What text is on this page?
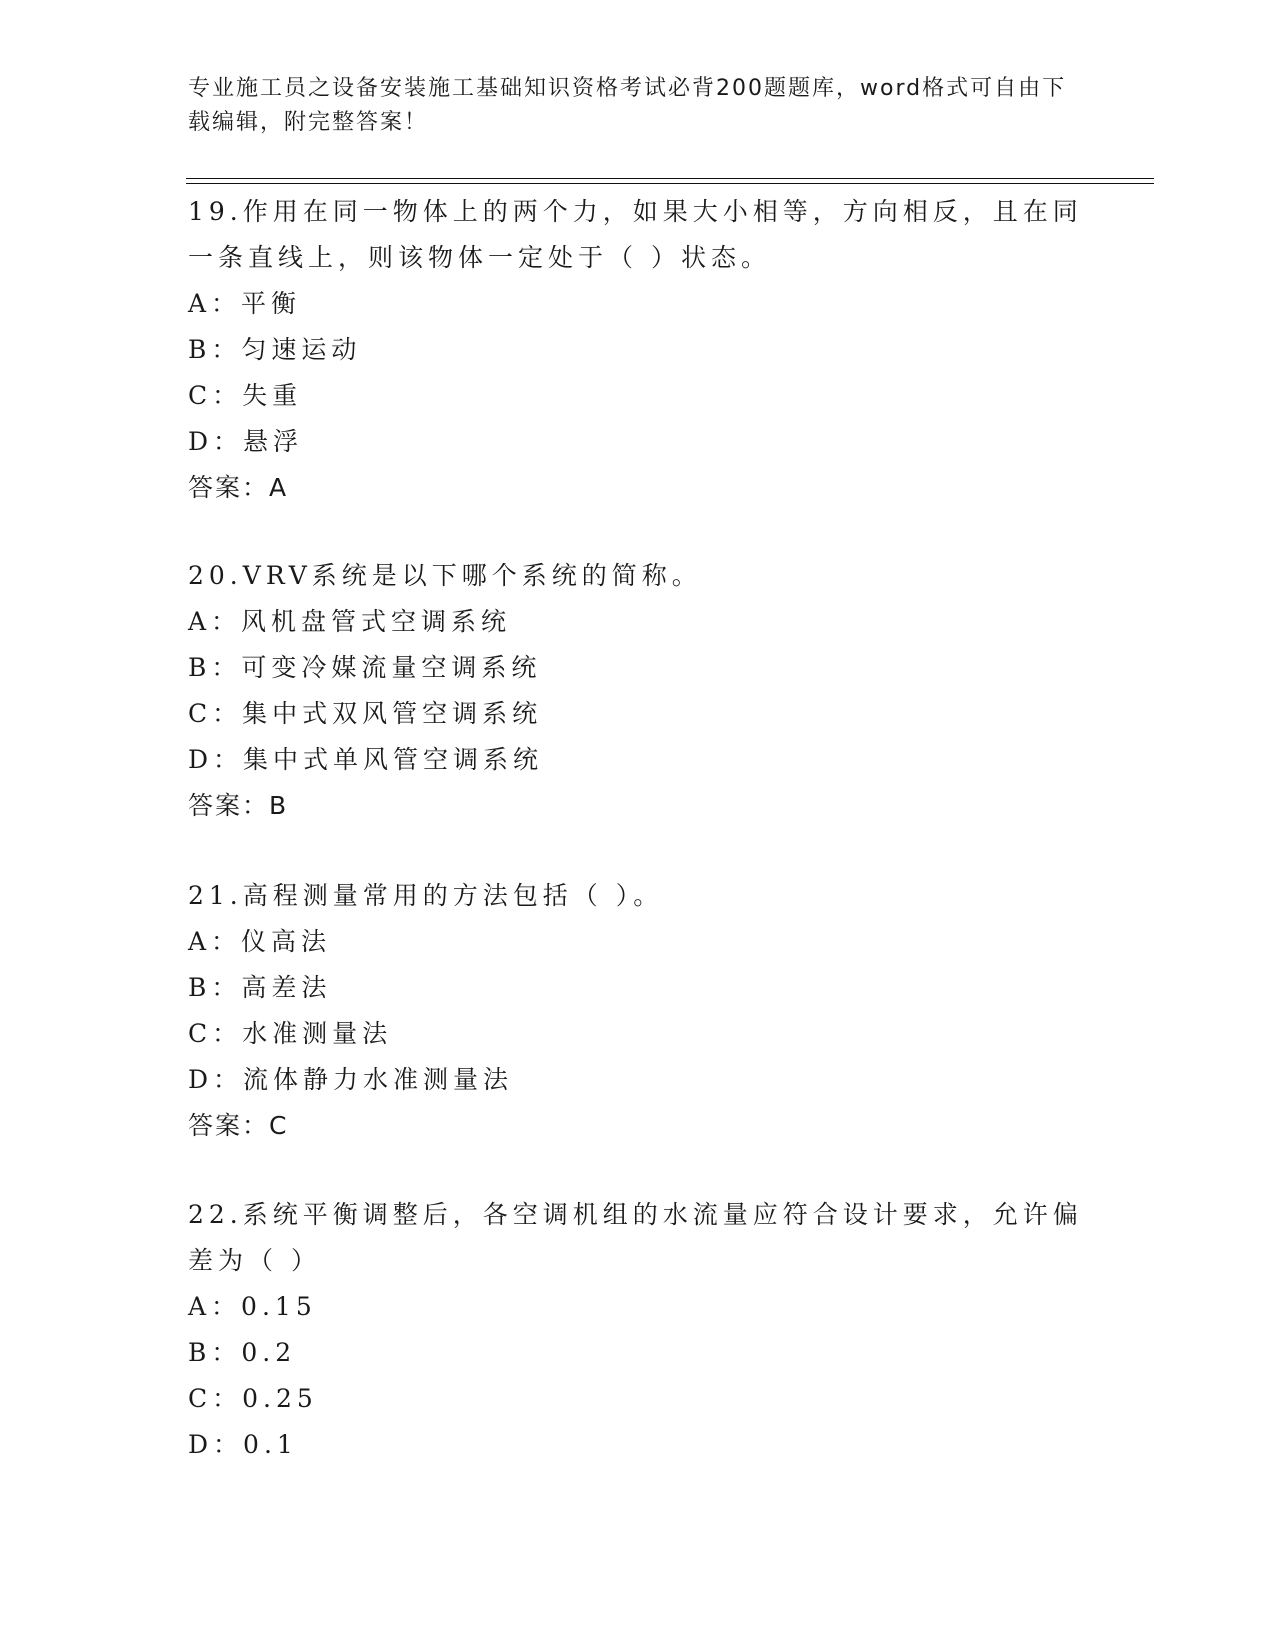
专业施工员之设备安装施工基础知识资格考试必背200题题库，word格式可自由下载编辑，附完整答案！

19.作用在同一物体上的两个力，如果大小相等，方向相反，且在同一条直线上，则该物体一定处于（ ）状态。

A：平衡

B：匀速运动

C：失重

D：悬浮

答案：A

20.VRV系统是以下哪个系统的简称。

A：风机盘管式空调系统

B：可变冷媒流量空调系统

C：集中式双风管空调系统

D：集中式单风管空调系统

答案：B

21.高程测量常用的方法包括（ ）。

A：仪高法

B：高差法

C：水准测量法

D：流体静力水准测量法

答案：C

22.系统平衡调整后，各空调机组的水流量应符合设计要求，允许偏差为（ ）

A：0.15

B：0.2

C：0.25

D：0.1
